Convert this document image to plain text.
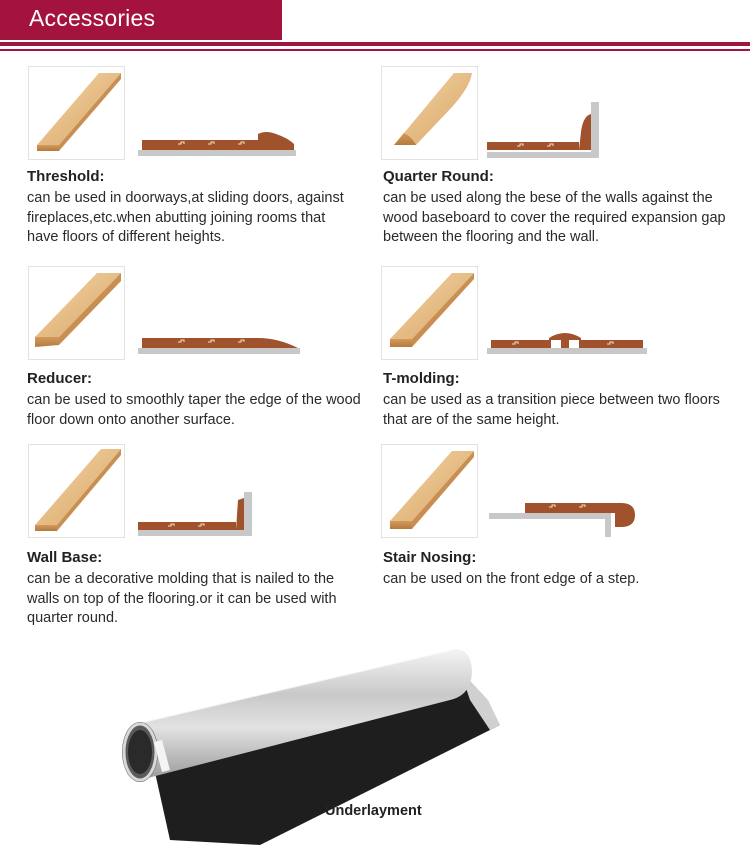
Accessories
Threshold:
can be used in doorways,at sliding doors, against fireplaces,etc.when abutting joining rooms that have floors of different heights.
Quarter Round:
can be used along the bese of the walls against the wood baseboard to cover the required expansion gap between the flooring and the wall.
Reducer:
can be used to smoothly taper the edge of the wood floor down onto another surface.
T-molding:
can be used as a transition piece between two floors that are of the same height.
Wall Base:
can be a decorative molding that is nailed to the walls on top of the flooring.or it can be used with quarter round.
Stair Nosing:
can be used on the front edge of a step.
Underlayment
